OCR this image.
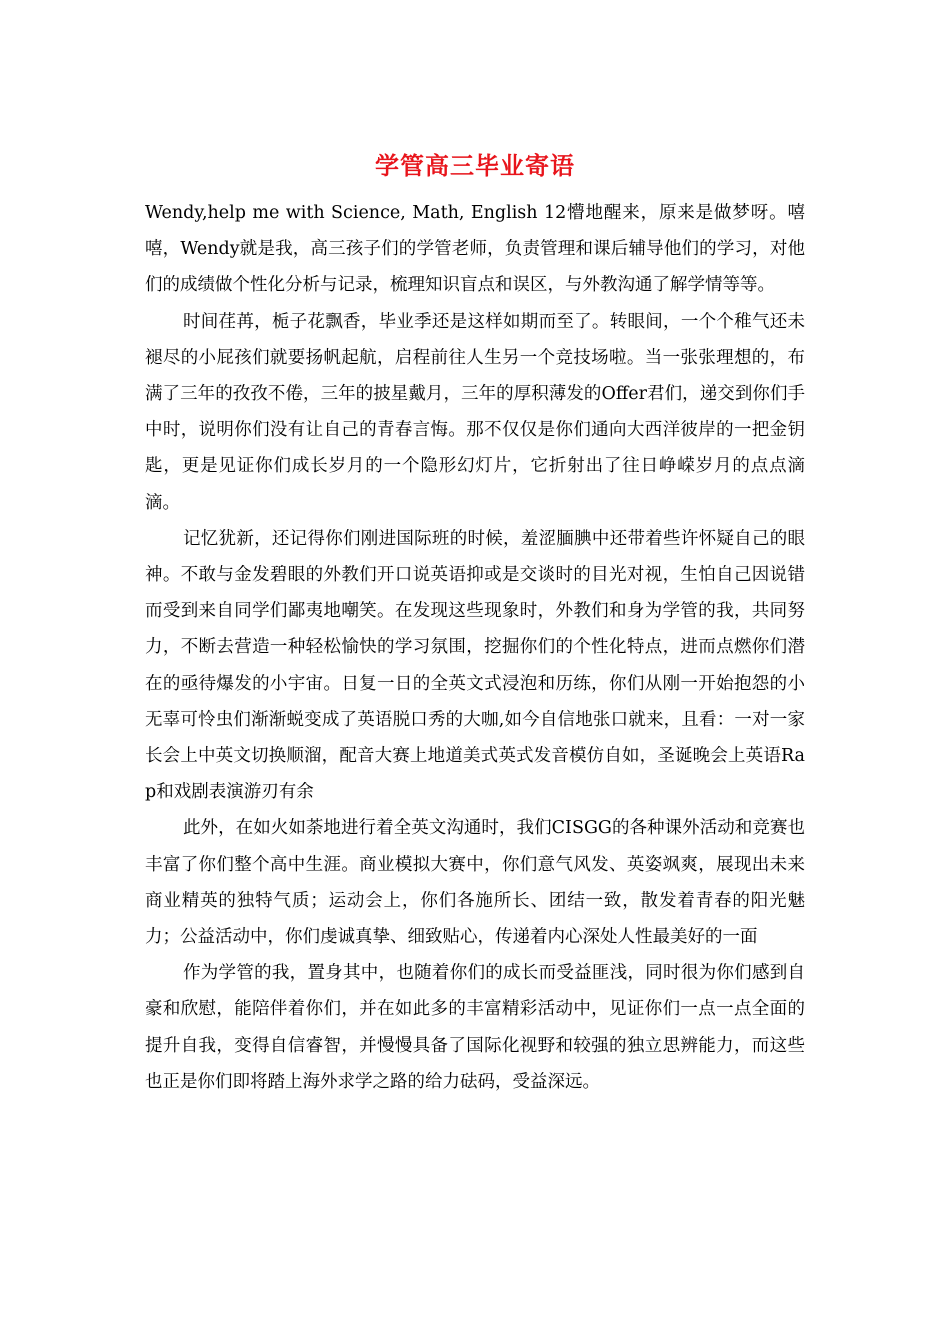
学管高三毕业寄语

Wendy,help me with Science, Math, English 12懵地醒来，原来是做梦呀。嘻嘻，Wendy就是我，高三孩子们的学管老师，负责管理和课后辅导他们的学习，对他们的成绩做个性化分析与记录，梳理知识盲点和误区，与外教沟通了解学情等等。

时间荏苒，栀子花飘香，毕业季还是这样如期而至了。转眼间，一个个稚气还未褪尽的小屁孩们就要扬帆起航，启程前往人生另一个竞技场啦。当一张张理想的，布满了三年的孜孜不倦，三年的披星戴月，三年的厚积薄发的Offer君们，递交到你们手中时，说明你们没有让自己的青春言悔。那不仅仅是你们通向大西洋彼岸的一把金钥匙，更是见证你们成长岁月的一个隐形幻灯片，它折射出了往日峥嵘岁月的点点滴滴。

记忆犹新，还记得你们刚进国际班的时候，羞涩腼腆中还带着些许怀疑自己的眼神。不敢与金发碧眼的外教们开口说英语抑或是交谈时的目光对视，生怕自己因说错而受到来自同学们鄙夷地嘲笑。在发现这些现象时，外教们和身为学管的我，共同努力，不断去营造一种轻松愉快的学习氛围，挖掘你们的个性化特点，进而点燃你们潜在的亟待爆发的小宇宙。日复一日的全英文式浸泡和历练，你们从刚一开始抱怨的小无辜可怜虫们渐渐蜕变成了英语脱口秀的大咖,如今自信地张口就来，且看：一对一家长会上中英文切换顺溜，配音大赛上地道美式英式发音模仿自如，圣诞晚会上英语Rap和戏剧表演游刃有余

此外，在如火如荼地进行着全英文沟通时，我们CISGG的各种课外活动和竞赛也丰富了你们整个高中生涯。商业模拟大赛中，你们意气风发、英姿飒爽，展现出未来商业精英的独特气质；运动会上，你们各施所长、团结一致，散发着青春的阳光魅力；公益活动中，你们虔诚真挚、细致贴心，传递着内心深处人性最美好的一面

作为学管的我，置身其中，也随着你们的成长而受益匪浅，同时很为你们感到自豪和欣慰，能陪伴着你们，并在如此多的丰富精彩活动中，见证你们一点一点全面的提升自我，变得自信睿智，并慢慢具备了国际化视野和较强的独立思辨能力，而这些也正是你们即将踏上海外求学之路的给力砝码，受益深远。
